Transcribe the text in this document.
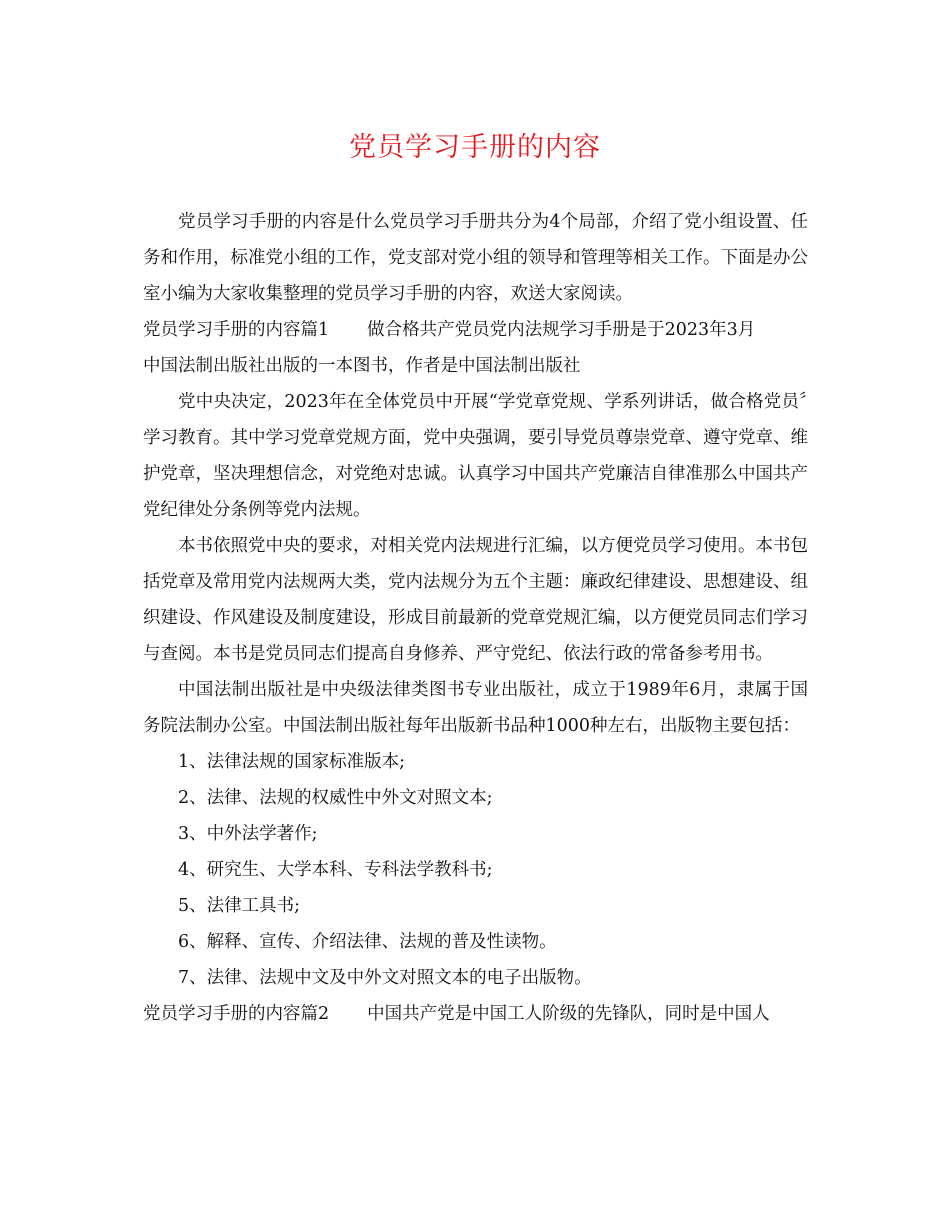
党员学习手册的内容

党员学习手册的内容是什么党员学习手册共分为4个局部，介绍了党小组设置、任务和作用，标准党小组的工作，党支部对党小组的领导和管理等相关工作。下面是办公室小编为大家收集整理的党员学习手册的内容，欢送大家阅读。

党员学习手册的内容篇1 做合格共产党员党内法规学习手册是于2023年3月

中国法制出版社出版的一本图书，作者是中国法制出版社

党中央决定，2023年在全体党员中开展“学党章党规、学系列讲话，做合格党员〞学习教育。其中学习党章党规方面，党中央强调，要引导党员尊崇党章、遵守党章、维护党章，坚决理想信念，对党绝对忠诚。认真学习中国共产党廉洁自律准那么中国共产党纪律处分条例等党内法规。

本书依照党中央的要求，对相关党内法规进行汇编，以方便党员学习使用。本书包括党章及常用党内法规两大类，党内法规分为五个主题：廉政纪律建设、思想建设、组织建设、作风建设及制度建设，形成目前最新的党章党规汇编，以方便党员同志们学习与查阅。本书是党员同志们提高自身修养、严守党纪、依法行政的常备参考用书。

中国法制出版社是中央级法律类图书专业出版社，成立于1989年6月，隶属于国务院法制办公室。中国法制出版社每年出版新书品种1000种左右，出版物主要包括：

1、法律法规的国家标准版本;

2、法律、法规的权威性中外文对照文本;

3、中外法学著作;

4、研究生、大学本科、专科法学教科书;

5、法律工具书;

6、解释、宣传、介绍法律、法规的普及性读物。

7、法律、法规中文及中外文对照文本的电子出版物。

党员学习手册的内容篇2 中国共产党是中国工人阶级的先锋队，同时是中国人
